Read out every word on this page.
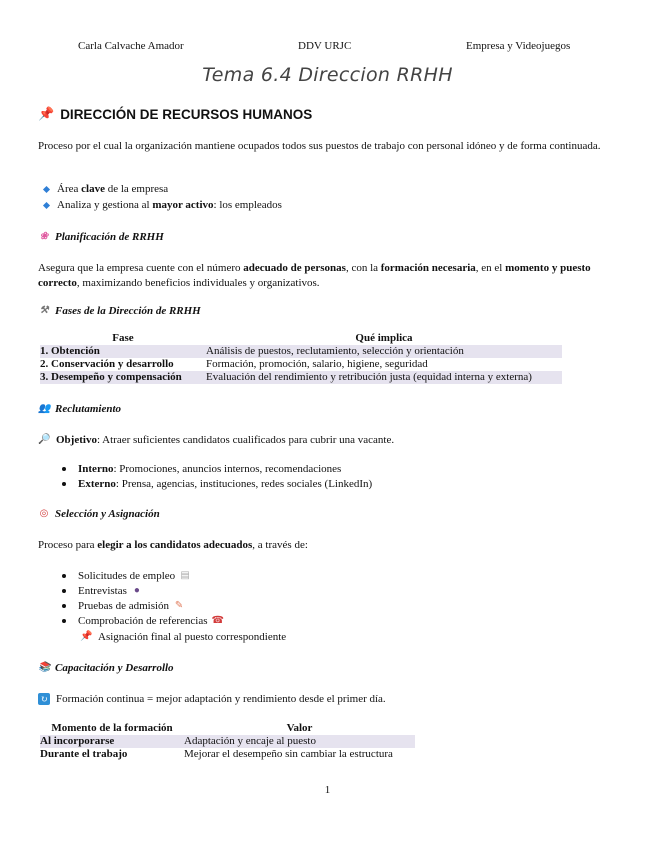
Carla Calvache Amador	DDV URJC	Empresa y Videojuegos
Tema 6.4 Direccion RRHH
📌 DIRECCIÓN DE RECURSOS HUMANOS
Proceso por el cual la organización mantiene ocupados todos sus puestos de trabajo con personal idóneo y de forma continuada.
Área clave de la empresa
Analiza y gestiona al mayor activo: los empleados
❀ Planificación de RRHH
Asegura que la empresa cuente con el número adecuado de personas, con la formación necesaria, en el momento y puesto correcto, maximizando beneficios individuales y organizativos.
⚒ Fases de la Dirección de RRHH
Fase	Qué implica
1. Obtención	Análisis de puestos, reclutamiento, selección y orientación
2. Conservación y desarrollo	Formación, promoción, salario, higiene, seguridad
3. Desempeño y compensación	Evaluación del rendimiento y retribución justa (equidad interna y externa)
👥 Reclutamiento
🔎 Objetivo: Atraer suficientes candidatos cualificados para cubrir una vacante.
Interno: Promociones, anuncios internos, recomendaciones
Externo: Prensa, agencias, instituciones, redes sociales (LinkedIn)
◎ Selección y Asignación
Proceso para elegir a los candidatos adecuados, a través de:
Solicitudes de empleo ▤
Entrevistas ●
Pruebas de admisión ✎
Comprobación de referencias ☎
📌 Asignación final al puesto correspondiente
📚 Capacitación y Desarrollo
↻ Formación continua = mejor adaptación y rendimiento desde el primer día.
Momento de la formación	Valor
Al incorporarse	Adaptación y encaje al puesto
Durante el trabajo	Mejorar el desempeño sin cambiar la estructura
1
